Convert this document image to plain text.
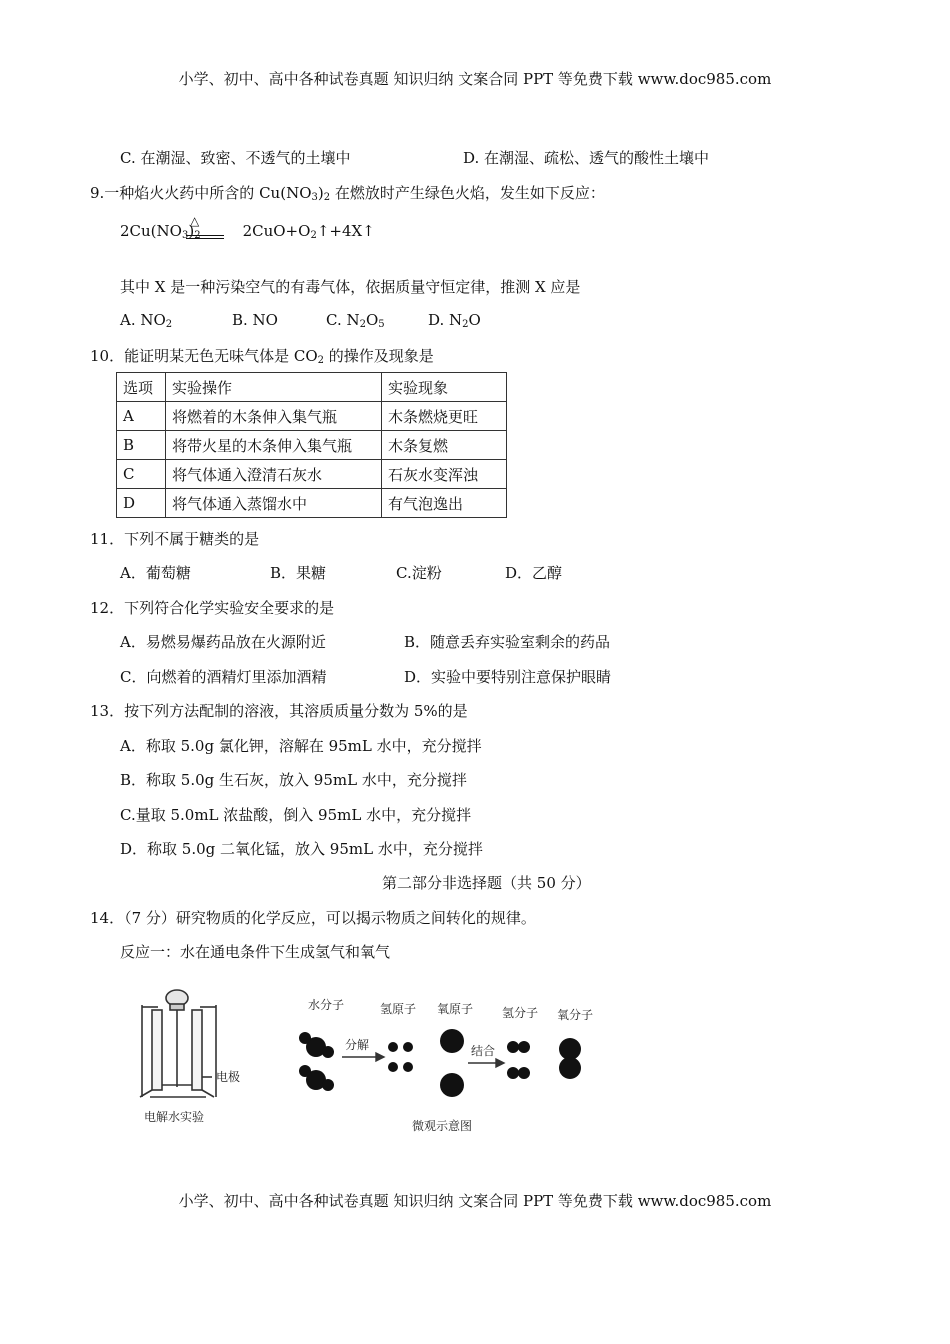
小学、初中、高中各种试卷真题 知识归纳 文案合同 PPT 等免费下载 www.doc985.com
C. 在潮湿、致密、不透气的土壤中	D. 在潮湿、疏松、透气的酸性土壤中
9.一种焰火火药中所含的 $Cu(NO_3)_2$ 在燃放时产生绿色火焰，发生如下反应：
$2Cu(NO_3)_2$	$2CuO+O_2↑+4X↑$
△
其中 X 是一种污染空气的有毒气体，依据质量守恒定律，推测 X 应是
A. $NO_2$	B. NO	C. $N_2O_5$	D. $N_2O$
10．能证明某无色无味气体是 $CO_2$ 的操作及现象是
选项	实验操作	实验现象
A	将燃着的木条伸入集气瓶	木条燃烧更旺
B	将带火星的木条伸入集气瓶	木条复燃
C	将气体通入澄清石灰水	石灰水变浑浊
D	将气体通入蒸馏水中	有气泡逸出
11．下列不属于糖类的是
A．葡萄糖	B．果糖	C.淀粉	D．乙醇
12．下列符合化学实验安全要求的是
A．易燃易爆药品放在火源附近	B．随意丢弃实验室剩余的药品
C．向燃着的酒精灯里添加酒精	D．实验中要特别注意保护眼睛
13．按下列方法配制的溶液，其溶质质量分数为 5%的是
A．称取 5.0g 氯化钾，溶解在 95mL 水中，充分搅拌
B．称取 5.0g 生石灰，放入 95mL 水中，充分搅拌
C.量取 5.0mL 浓盐酸，倒入 95mL 水中，充分搅拌
D．称取 5.0g 二氧化锰，放入 95mL 水中，充分搅拌
第二部分非选择题（共 50 分）
14．（7 分）研究物质的化学反应，可以揭示物质之间转化的规律。
反应一：水在通电条件下生成氢气和氧气
电解水实验
电极
水分子	氢原子 氧原子 氢分子 氧分子
分解	结合
微观示意图
小学、初中、高中各种试卷真题 知识归纳 文案合同 PPT 等免费下载 www.doc985.com
